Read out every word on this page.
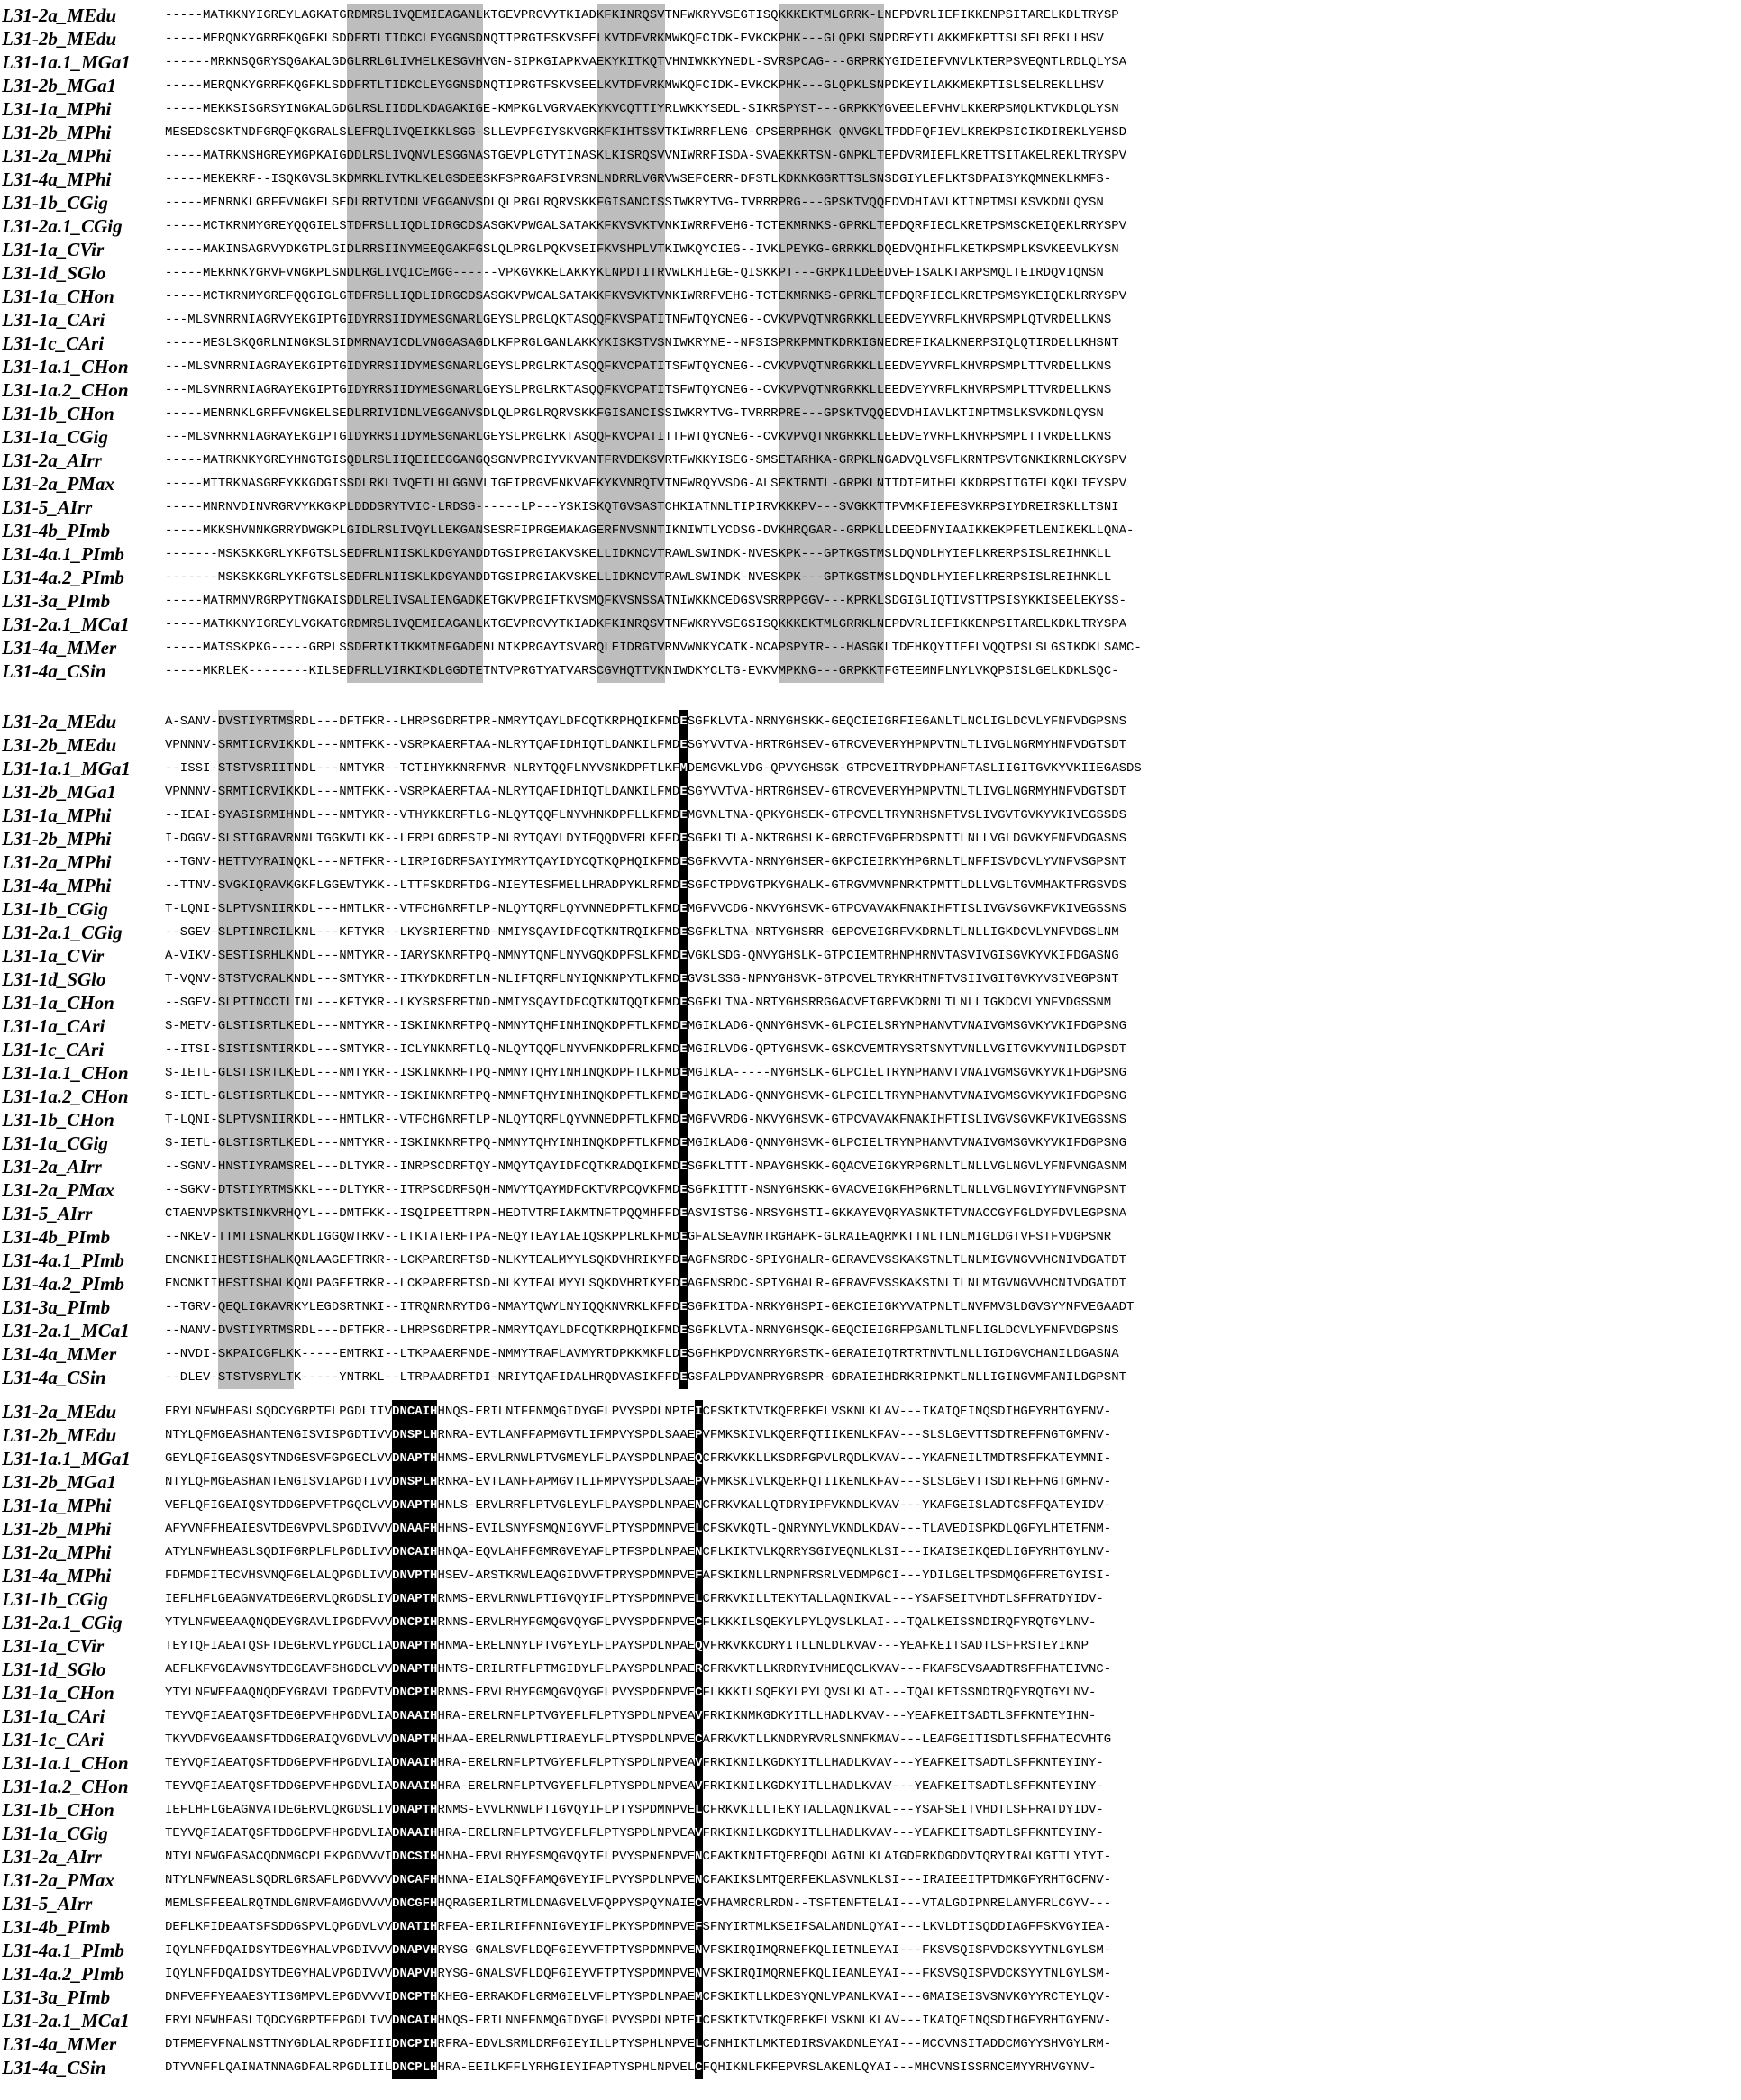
L31-2a_MEdu	-----MATKKNYIGREYLAGKATGRDMRSLIVQEMIEAGANLKTGEVPRGVYTKIADKFKINRQSVTNFWKRYVSEGTISQKKKEKTMLGRRK-LNEPDVRLIEFIKKENPSITARELKDLTRYSP
L31-2b_MEdu	-----MERQNKYGRRFKQGFKLSDDFRTLTIDKCLEYGGNSDNQTIPRGTFSKVSEELKVTDFVRKMWKQFCIDK-EVKCKPHK---GLQPKLSNPDREYILAKKMEKPTISLSELREKLLHSV
L31-1a.1_MGa1	------MRKNSQGRYSQGAKALGDGLRRLGLIVHELKESGVHVGN-SIPKGIAPKVAEKYKITKQTVHNIWKKYNEDL-SVRSPCAG---GRPRKYGIDEIEFVNVLKTERPSVEQNTLRDLQLYSA
L31-2b_MGa1	-----MERQNKYGRRFKQGFKLSDDFRTLTIDKCLEYGGNSDNQTIPRGTFSKVSEELKVTDFVRKMWKQFCIDK-EVKCKPHK---GLQPKLSNPDKEYILAKKMEKPTISLSELREKLLHSV
L31-1a_MPhi	-----MEKKSISGRSYINGKALGDGLRSLIIDDLKDAGAKIGE-KMPKGLVGRVAEKYKVCQTTIYRLWKKYSEDL-SIKRSPYST---GRPKKYGVEELEFVHVLKKERPSMQLKTVKDLQLYSN
L31-2b_MPhi	MESEDSCSKTNDFGRQFQKGRALSLEFRQLIVQEIKKLSGG-SLLEVPFGIYSKVGRKFKIHTSSVTKIWRRFLENG-CPSERPRHGK-QNVGKLTPDDFQFIEVLKREKPSICIKDIREKLYEHSD
L31-2a_MPhi	-----MATRKNSHGREYMGPKAIGDDLRSLIVQNVLESGGNASTGEVPLGTYTINASKLKISRQSVVNIWRRFISDA-SVAEKKRTSN-GNPKLTEPDVRMIEFLKRETTSITAKELREKLTRYSPV
L31-4a_MPhi	-----MEKEKRF--ISQKGVSLSKDMRKLIVTKLKELGSDEESKFSPRGAFSIVRSNLNDRRLVGRVWSEFCERR-DFSTLKDKNKGGRTTSLSNSDGIYLEFLKTSDPAISYKQMNEKLKMFS-
L31-1b_CGig	-----MENRNKLGRFFVNGKELSEDLRRIVIDNLVEGGANVSDLQLPRGLRQRVSKKFGISANCISSIWKRYTVG-TVRRRPRG---GPSKTVQQEDVDHIAVLKTINPTMSLKSVKDNLQYSN
L31-2a.1_CGig	-----MCTKRNMYGREYQQGIELSTDFRSLLIQDLIDRGCDSASGKVPWGALSATAKKFKVSVKTVNKIWRRFVEHG-TCTEKMRNKS-GPRKLTEPDQRFIECLKRETPSMSCKEIQEKLRRYSPV
L31-1a_CVir	-----MAKINSAGRVYDKGTPLGIDLRRSIINYMEEQGAKFGSLQLPRGLPQKVSEIFKVSHPLVTKIWKQYCIEG--IVKLPEYKG-GRRKKLDQEDVQHIHFLKETKPSMPLKSVKEEVLKYSN
L31-1d_SGlo	-----MEKRNKYGRVFVNGKPLSNDLRGLIVQICEMGG------VPKGVKKELAKKYKLNPDTITRVWLKHIEGE-QISKKPT---GRPKILDEEDVEFISALKTARPSMQLTEIRDQVIQNSN
L31-1a_CHon	-----MCTKRNMYGREFQQGIGLGTDFRSLLIQDLIDRGCDSASGKVPWGALSATAKKFKVSVKTVNKIWRRFVEHG-TCTEKMRNKS-GPRKLTEPDQRFIECLKRETPSMSYKEIQEKLRRYSPV
L31-1a_CAri	---MLSVNRRNIAGRVYEKGIPTGIDYRRSIIDYMESGNARLGEYSLPRGLQKTASQQFKVSPATITNFWTQYCNEG--CVKVPVQTNRGRKKLLEEDVEYVRFLKHVRPSMPLQTVRDELLKNS
L31-1c_CAri	-----MESLSKQGRLNINGKSLSIDMRNAVICDLVNGGASAGDLKFPRGLGANLAKKYKISKSTVSNIWKRYNE--NFSISPRKPMNTKDRKIGNEDREFIKALKNERPSIQLQTIRDELLKHSNT
L31-1a.1_CHon	---MLSVNRRNIAGRAYEKGIPTGIDYRRSIIDYMESGNARLGEYSLPRGLRKTASQQFKVCPATITSFWTQYCNEG--CVKVPVQTNRGRKKLLEEDVEYVRFLKHVRPSMPLTTVRDELLKNS
L31-1a.2_CHon	---MLSVNRRNIAGRAYEKGIPTGIDYRRSIIDYMESGNARLGEYSLPRGLRKTASQQFKVCPATITSFWTQYCNEG--CVKVPVQTNRGRKKLLEEDVEYVRFLKHVRPSMPLTTVRDELLKNS
L31-1b_CHon	-----MENRNKLGRFFVNGKELSEDLRRIVIDNLVEGGANVSDLQLPRGLRQRVSKKFGISANCISSIWKRYTVG-TVRRRPRE---GPSKTVQQEDVDHIAVLKTINPTMSLKSVKDNLQYSN
L31-1a_CGig	---MLSVNRRNIAGRAYEKGIPTGIDYRRSIIDYMESGNARLGEYSLPRGLRKTASQQFKVCPATITTFWTQYCNEG--CVKVPVQTNRGRKKLLEEDVEYVRFLKHVRPSMPLTTVRDELLKNS
L31-2a_AIrr	-----MATRKNKYGREYHNGTGISQDLRSLIIQEIEEGGANGQSGNVPRGIYVKVANTFRVDEKSVRTFWKKYISEG-SMSETARHKA-GRPKLNGADVQLVSFLKRNTPSVTGNKIKRNLCKYSPV
L31-2a_PMax	-----MTTRKNASGREYKKGDGISSDLRKLIVQETLHLGGNVLTGEIPRGVFNKVAEKYKVNRQTVTNFWRQYVSDG-ALSEKTRNTL-GRPKLNTTDIEMIHFLKKDRPSITGTELKQKLIEYSPV
L31-5_AIrr	-----MNRNVDINVRGRVYKKGKPLDDDSRYTVIC-LRDSG------LP---YSKISKQTGVSASTCHKIATNNLTIPIRVKKKPV---SVGKKTTPVMKFIEFESVKRPSIYDREIRSKLLTSNI
L31-4b_PImb	-----MKKSHVNNKGRRYDWGKPLGIDLRSLIVQYLLEKGANSESRFIPRGEMAKAGERFNVSNNTIKNIWTLYCDSG-DVKHRQGAR--GRPKLLDEEDFNYIAAIKKEKPFETLENIKEKLLQNA-
L31-4a.1_PImb	-------MSKSKKGRLYKFGTSLSEDFRLNIISKLKDGYANDDTGSIPRGIAKVSKELLIDKNCVTRAWLSWINDK-NVESKPK---GPTKGSTMSLDQNDLHYIEFLKRERPSISLREIHNKLL
L31-4a.2_PImb	-------MSKSKKGRLYKFGTSLSEDFRLNIISKLKDGYANDDTGSIPRGIAKVSKELLIDKNCVTRAWLSWINDK-NVESKPK---GPTKGSTMSLDQNDLHYIEFLKRERPSISLREIHNKLL
L31-3a_PImb	-----MATRMNVRGRPYTNGKAISDDLRELIVSALIENGADKETGKVPRGIFTKVSMQFKVSNSSATNIWKKNCEDGSVSRRPPGGV---KPRKLSDGIGLIQTIVSTTPSISYKKISEELEKYSS-
L31-2a.1_MCa1	-----MATKKNYIGREYLVGKATGRDMRSLIVQEMIEAGANLKTGEVPRGVYTKIADKFKINRQSVTNFWKRYVSEGSISQKKKEKTMLGRRKLNEPDVRLIEFIKKENPSITARELKDKLTRYSPA
L31-4a_MMer	-----MATSSKPKG-----GRPLSSDFRIKIIKKMINFGADENLNIKPRGAYTSVARQLEIDRGTVRNVWNKYCATK-NCAPSPYIR---HASGKLTDEHKQYIIEFLVQQTPSLSLGSIKDKLSAMC-
L31-4a_CSin	-----MKRLEK--------KILSEDFRLLVIRKIKDLGGDTETNTVPRGTYATVARSCGVHQTTVKNIWDKYCLTG-EVKVMPKNG---GRPKKTFGTEEMNFLNYLVKQPSISLGELKDKLSQC-
L31-2a_MEdu	A-SANV-DVSTIYRTMSRDL---DFTFKR--LHRPSGDRFTPR-NMRYTQAYLDFCQTKRPHQIKFMDESGFKLVTA-NRNYGHSKK-GEQCIEIGRFIEGANLTLNCLIGLDCVLYFNFVDGPSNS
L31-2b_MEdu	VPNNNV-SRMTICRVIKKDL---NMTFKK--VSRPKAERFTAA-NLRYTQAFIDHIQTLDANKILFMDESGYVVTVA-HRTRGHSEV-GTRCVEVERYHPNPVTNLTLIVGLNGRMYHNFVDGTSDT
L31-1a.1_MGa1	--ISSI-STSTVSRIITNDL---NMTYKR--TCTIHYKKNRFMVR-NLRYTQQFLNYVSNKDPFTLKFMDEMGVKLVDG-QPVYGHSGK-GTPCVEITRYDPHANFTASLIIGITGVKYVKIIEGASDS
L31-2b_MGa1	VPNNNV-SRMTICRVIKKDL---NMTFKK--VSRPKAERFTAA-NLRYTQAFIDHIQTLDANKILFMDESGYVVTVA-HRTRGHSEV-GTRCVEVERYHPNPVTNLTLIVGLNGRMYHNFVDGTSDT
L31-1a_MPhi	--IEAI-SYASISRMIHNDL---NMTYKR--VTHYKKERFTLG-NLQYTQQFLNYVHNKDPFLLKFMDEMGVNLTNA-QPKYGHSEK-GTPCVELTRYNRHSNFTVSLIVGVTGVKYVKIVEGSSDS
L31-2b_MPhi	I-DGGV-SLSTIGRAVRNNLTGGKWTLKK--LERPLGDRFSIP-NLRYTQAYLDYIFQQDVERLKFFDESGFKLTLA-NKTRGHSLK-GRRCIEVGPFRDSPNITLNLLVGLDGVKYFNFVDGASNS
L31-2a_MPhi	--TGNV-HETTVYRAINQKL---NFTFKR--LIRPIGDRFSAYIYMRYTQAYIDYCQTKQPHQIKFMDESGFKVVTA-NRNYGHSER-GKPCIEIRKYHPGRNLTLNFFISVDCVLYVNFVSGPSNT
L31-4a_MPhi	--TTNV-SVGKIQRAVKGKFLGGEWTYKK--LTTFSKDRFTDG-NIEYTESFMELLHRADPYKLRFMDESGFCTPDVGTPKYGHALK-GTRGVMVNPNRKTPMTTLDLLVGLTGVMHAKTFRGSVDS
L31-1b_CGig	T-LQNI-SLPTVSNIIRKDL---HMTLKR--VTFCHGNRFTLP-NLQYTQRFLQYVNNEDPFTLKFMDEMGFVVCDG-NKVYGHSVK-GTPCVAVAKFNAKIHFTISLIVGVSGVKFVKIVEGSSNS
L31-2a.1_CGig	--SGEV-SLPTINRCILKNL---KFTYKR--LKYSRIERFTND-NMIYSQAYIDFCQTKNTRQIKFMDESGFKLTNA-NRTYGHSRR-GEPCVEIGRFVKDRNLTLNLLIGKDCVLYNFVDGSLNM
L31-1a_CVir	A-VIKV-SESTISRHLKNDL---NMTYKR--IARYSKNRFTPQ-NMNYTQNFLNYVGQKDPFSLKFMDEVGKLSDG-QNVYGHSLK-GTPCIEMTRHNPHRNVTASVIVGISGVKYVKIFDGASNG
L31-1d_SGlo	T-VQNV-STSTVCRALKNDL---SMTYKR--ITKYDKDRFTLN-NLIFTQRFLNYIQNKNPYTLKFMDEGVSLSSG-NPNYGHSVK-GTPCVELTRYKRHTNFTVSIIVGITGVKYVSIVEGPSNT
L31-1a_CHon	--SGEV-SLPTINCCILINL---KFTYKR--LKYSRSERFTND-NMIYSQAYIDFCQTKNTQQIKFMDESGFKLTNA-NRTYGHSRRGGACVEIGRFVKDRNLTLNLLIGKDCVLYNFVDGSSNM
L31-1a_CAri	S-METV-GLSTISRTLKEDL---NMTYKR--ISKINKNRFTPQ-NMNYTQHFINHINQKDPFTLKFMDEMGIKLADG-QNNYGHSVK-GLPCIELSRYNPHANVTVNAIVGMSGVKYVKIFDGPSNG
L31-1c_CAri	--ITSI-SISTISNTIRKDL---SMTYKR--ICLYNKNRFTLQ-NLQYTQQFLNYVFNKDPFRLKFMDEMGIRLVDG-QPTYGHSVK-GSKCVEMTRYSRTSNYTVNLLVGITGVKYVNILDGPSDT
L31-1a.1_CHon	S-IETL-GLSTISRTLKEDL---NMTYKR--ISKINKNRFTPQ-NMNYTQHYINHINQKDPFTLKFMDEMGIKLA-----NYGHSLK-GLPCIELTRYNPHANVTVNAIVGMSGVKYVKIFDGPSNG
L31-1a.2_CHon	S-IETL-GLSTISRTLKEDL---NMTYKR--ISKINKNRFTPQ-NMNFTQHYINHINQKDPFTLKFMDEMGIKLADG-QNNYGHSVK-GLPCIELTRYNPHANVTVNAIVGMSGVKYVKIFDGPSNG
L31-1b_CHon	T-LQNI-SLPTVSNIIRKDL---HMTLKR--VTFCHGNRFTLP-NLQYTQRFLQYVNNEDPFTLKFMDEMGFVVRDG-NKVYGHSVK-GTPCVAVAKFNAKIHFTISLIVGVSGVKFVKIVEGSSNS
L31-1a_CGig	S-IETL-GLSTISRTLKEDL---NMTYKR--ISKINKNRFTPQ-NMNYTQHYINHINQKDPFTLKFMDEMGIKLADG-QNNYGHSVK-GLPCIELTRYNPHANVTVNAIVGMSGVKYVKIFDGPSNG
L31-2a_AIrr	--SGNV-HNSTIYRAMSREL---DLTYKR--INRPSCDRFTQY-NMQYTQAYIDFCQTKRADQIKFMDESGFKLTTT-NPAYGHSKK-GQACVEIGKYRPGRNLTLNLLVGLNGVLYFNFVNGASNM
L31-2a_PMax	--SGKV-DTSTIYRTMSKKL---DLTYKR--ITRPSCDRFSQH-NMVYTQAYMDFCKTVRPCQVKFMDESGFKITTT-NSNYGHSKK-GVACVEIGKFHPGRNLTLNLLVGLNGVIYYNFVNGPSNT
L31-5_AIrr	CTAENVPSKTSINKVRHQYL---DMTFKK--ISQIPEETTRPN-HEDTVTRFIAKMTNFTPQQMHFFDEASVISTSG-NRSYGHSTI-GKKAYEVQRYASNKTFTVNACCGYFGLDYFDVLEGPSNA
L31-4b_PImb	--NKEV-TTMTISNALRKDLIGGQWTRKV--LTKTATERFTPA-NEQYTEAYIAEIQSKPPLRLKFMDEGFALSEAVNRTRGHAPK-GLRAIEAQRMKTTNLTLNLMIGLDGTVFSTFVDGPSNR
L31-4a.1_PImb	ENCNKIIHESTISHALKQNLAAGEFTRKR--LCKPARERFTSD-NLKYTEALMYYLSQKDVHRIKYFDEAGFNSRDC-SPIYGHALR-GERAVEVSSKAKSTNLTLNLMIGVNGVVHCNIVDGATDT
L31-4a.2_PImb	ENCNKIIHESTISHALKQNLPAGEFTRKR--LCKPARERFTSD-NLKYTEALMYYLSQKDVHRIKYFDEAGFNSRDC-SPIYGHALR-GERAVEVSSKAKSTNLTLNLMIGVNGVVHCNIVDGATDT
L31-3a_PImb	--TGRV-QEQLIGKAVRKYLEGDSRTNKI--ITRQNRNRYTDG-NMAYTQWYLNYIQQKNVRKLKFFDESGFKITDA-NRKYGHSPI-GEKCIEIGKYVATPNLTLNVFMVSLDGVSYYNFVEGAADT
L31-2a.1_MCa1	--NANV-DVSTIYRTMSRDL---DFTFKR--LHRPSGDRFTPR-NMRYTQAYLDFCQTKRPHQIKFMDESGFKLVTA-NRNYGHSQK-GEQCIEIGRFPGANLTLNFLIGLDCVLYFNFVDGPSNS
L31-4a_MMer	--NVDI-SKPAICGFLKK-----EMTRKI--LTKPAAERFNDE-NMMYTRAFLAVMYRTDPKKMKFLDESGFHKPDVCNRRYGRSTK-GERAIEIQTRTRTNVTLNLLIGIDGVCHANILDGASNA
L31-4a_CSin	--DLEV-STSTVSRYLTK-----YNTRKL--LTRPAADRFTDI-NRIYTQAFIDALHRQDVASIKFFDEGSFALPDVANPRYGRSPR-GDRAIEIHDRKRIPNKTLNLLIGINGVMFANILDGPSNT
L31-2a_MEdu	ERYLNFWHEASLSQDCYGRPTFLPGDLIIVDNCAIHHNQS-ERILNTFFNMQGIDYGFLPVYSPDLNPIEICFSKIKTVIKQERFKELVSKNLKLAV---IKAIQEINQSDIHGFYRHTGYFNV-
L31-2b_MEdu	NTYLQFMGEASHANTENGISVISPGDTIVVDNSPLHRNRA-EVTLANFFAPMGVTLIFMPVYSPDLSAAEPVFMKSKIVLKQERFQTIIKENLKFAV---SLSLGEVTTSDTREFFNGTGMFNV-
L31-1a.1_MGa1	GEYLQFIGEASQSYTNDGESVFGPGECLVVDNAPTHHNMS-ERVLRNWLPTVGMEYLFLPAYSPDLNPAEQCFRKVKKLLKSDRFGPVLRQDLKVAV---YKAFNEILTMDTRSFFKATEYMNI-
L31-2b_MGa1	NTYLQFMGEASHANTENGISVIAPGDTIVVDNSPLHRNRA-EVTLANFFAPMGVTLIFMPVYSPDLSAAEPVFMKSKIVLKQERFQTIIKENLKFAV---SLSLGEVTTSDTREFFNGTGMFNV-
L31-1a_MPhi	VEFLQFIGEAIQSYTDDGEPVFTPGQCLVVDNAPTHHNLS-ERVLRRFLPTVGLEYLFLPAYSPDLNPAENCFRKVKALLQTDRYIPFVKNDLKVAV---YKAFGEISLADTCSFFQATEYIDV-
L31-2b_MPhi	AFYVNFFHEAIESVTDEGVPVLSPGDIVVVDNAAFHHHNS-EVILSNYFSMQNIGYVFLPTYSPDMNPVELCFSKVKQTL-QNRYNYLVKNDLKDAV---TLAVEDISPKDLQGFYLHTETFNM-
L31-2a_MPhi	ATYLNFWHEASLSQDIFGRPLFLPGDLIVVDNCAIHHNQA-EQVLAHFFGMRGVEYAFLPTFSPDLNPAENCFLKIKTVLKQRRYSGIVEQNLKLSI---IKAISEIKQEDLIGFYRHTGYLNV-
L31-4a_MPhi	FDFMDFITECVHSVNQFGELALQPGDLIVVDNVPTHHSEV-ARSTKRWLEAQGIDVVFTPRYSPDMNPVEFAFSKIKNLLRNPNFRSRLVEDMPGCI---YDILGELTPSDMQGFFRETGYISI-
L31-1b_CGig	IEFLHFLGEAGNVATDEGERVLQRGDSLIVDNAPTHRNMS-ERVLRNWLPTIGVQYIFLPTYSPDMNPVELCFRKVKILLTEKYTALLAQNIKVAL---YSAFSEITVHDTLSFFRATDYIDV-
L31-2a.1_CGig	YTYLNFWEEAAQNQDEYGRAVLIPGDFVVVDNCPIHRNNS-ERVLRHYFGMQGVQYGFLPVYSPDFNPVECFLKKKILSQEKYLPYLQVSLKLAI---TQALKEISSNDIRQFYRQTGYLNV-
L31-1a_CVir	TEYTQFIAEATQSFTDEGERVLYPGDCLIADNAPTHHNMA-ERELNNYLPTVGYEYLFLPAYSPDLNPAEQVFRKVKKCDRYITLLNLDLKVAV---YEAFKEITSADTLSFFRSTEYIKNP
L31-1d_SGlo	AEFLKFVGEAVNSYTDEGEAVFSHGDCLVVDNAPTHHNTS-ERILRTFLPTMGIDYLFLPAYSPDLNPAERCFRKVKTLLKRDRYIVHMEQCLKVAV---FKAFSEVSAADTRSFFHATEIVNC-
L31-1a_CHon	YTYLNFWEEAAQNQDEYGRAVLIPGDFVIVDNCPIHRNNS-ERVLRHYFGMQGVQYGFLPVYSPDFNPVECFLKKKILSQEKYLPYLQVSLKLAI---TQALKEISSNDIRQFYRQTGYLNV-
L31-1a_CAri	TEYVQFIAEATQSFTDEGEPVFHPGDVLIADNAAIHHRA-ERELRNFLPTVGYEFLFLPTYSPDLNPVEAVFRKIKNMKGDKYITLLHADLKVAV---YEAFKEITSADTLSFFKNTEYIHN-
L31-1c_CAri	TKYVDFVGEAANSFTDDGERAIQVGDVLVVDNAPTHHHAA-ERELRNWLPTIRAEYLFLPTYSPDLNPVECAFRKVKTLLKNDRYRVRLSNNFKMAV---LEAFGEITISDTLSFFHATECVHTG
L31-1a.1_CHon	TEYVQFIAEATQSFTDDGEPVFHPGDVLIADNAAIHHRA-ERELRNFLPTVGYEFLFLPTYSPDLNPVEAVFRKIKNILKGDKYITLLHADLKVAV---YEAFKEITSADTLSFFKNTEYINY-
L31-1a.2_CHon	TEYVQFIAEATQSFTDDGEPVFHPGDVLIADNAAIHHRA-ERELRNFLPTVGYEFLFLPTYSPDLNPVEAVFRKIKNILKGDKYITLLHADLKVAV---YEAFKEITSADTLSFFKNTEYINY-
L31-1b_CHon	IEFLHFLGEAGNVATDEGERVLQRGDSLIVDNAPTHRNMS-EVVLRNWLPTIGVQYIFLPTYSPDMNPVELCFRKVKILLTEKYTALLAQNIKVAL---YSAFSEITVHDTLSFFRATDYIDV-
L31-1a_CGig	TEYVQFIAEATQSFTDDGEPVFHPGDVLIADNAAIHHRA-ERELRNFLPTVGYEFLFLPTYSPDLNPVEAVFRKIKNILKGDKYITLLHADLKVAV---YEAFKEITSADTLSFFKNTEYINY-
L31-2a_AIrr	NTYLNFWGEASACQDNMGCPLFKPGDVVVIDNCSIHHNHA-ERVLRHYFSMQGVQYIFLPVYSPNFNPVENCFAKIKNIFTQERFQDLAGINLKLAIGDFRKDGDDVTQRYIRALKGTTLYIYT-
L31-2a_PMax	NTYLNFWNEASLSQDRLGRSAFLPGDVVVVDNCAFHHNNA-EIALSQFFAMQGVEYIFLPVYSPDLNPVENCFAKIKSLMTQERFEKLASVNLKLSI---IRAIEEITPTDMKGFYRHTGCFNV-
L31-5_AIrr	MEMLSFFEEALRQTNDLGNRVFAMGDVVVVDNCGFHHQRAGERILRTMLDNAGVELVFQPPYSPQYNAIECVFHAMRCRLRDN--TSFTENFTELAI---VTALGDIPNRELANYFRLCGYV---
L31-4b_PImb	DEFLKFIDEAATSFSDDGSPVLQPGDVLVVDNATIHRFEA-ERILRIFFNNIGVEYIFLPKYSPDMNPVEFSFNYIRTMLKSEIFSALANDNLQYAI---LKVLDTISQDDIAGFFSKVGYIEA-
L31-4a.1_PImb	IQYLNFFDQAIDSYTDEGYHALVPGDIVVVDNAPVHRYSG-GNALSVFLDQFGIEYVFTPTYSPDMNPVENVFSKIRQIMQRNEFKQLIETNLEYAI---FKSVSQISPVDCKSYYTNLGYLSM-
L31-4a.2_PImb	IQYLNFFDQAIDSYTDEGYHALVPGDIVVVDNAPVHRYSG-GNALSVFLDQFGIEYVFTPTYSPDMNPVENVFSKIRQIMQRNEFKQLIEANLEYAI---FKSVSQISPVDCKSYYTNLGYLSM-
L31-3a_PImb	DNFVEFFYEAAESYTISGMPVLEPGDVVVIDNCPTHKHEG-ERRAKDFLGRMGIELVFLPTYSPDLNPAEMCFSKIKTLLKDESYQNLVPANLKVAI---GMAISEISVSNVKGYYRCTEYLQV-
L31-2a.1_MCa1	ERYLNFWHEASLTQDCYGRPTFFPGDLIVVDNCAIHHNQS-ERILNNFFNMQGIDYGFLPVYSPDLNPIEICFSKIKTVIKQERFKELVSKNLKLAV---IKAIQEINQSDIHGFYRHTGYFNV-
L31-4a_MMer	DTFMEFVFNALNSTTNYGDLALRPGDFIIIDNCPIHRFRA-EDVLSRMLDRFGIEYILLPTYSPHLNPVELCFNHIKTLMKTEDIRSVAKDNLEYAI---MCCVNSITADDCMGYYSHVGYLRM-
L31-4a_CSin	DTYVNFFLQAINATNNAGDFALRPGDLIILDNCPLHHRA-EEILKFFLYRHGIEYIFAPTYSPHLNPVELCFQHIKNLFKFEPVRSLAKENLQYAI---MHCVNSISSRNCEMYYRHVGYNV-
